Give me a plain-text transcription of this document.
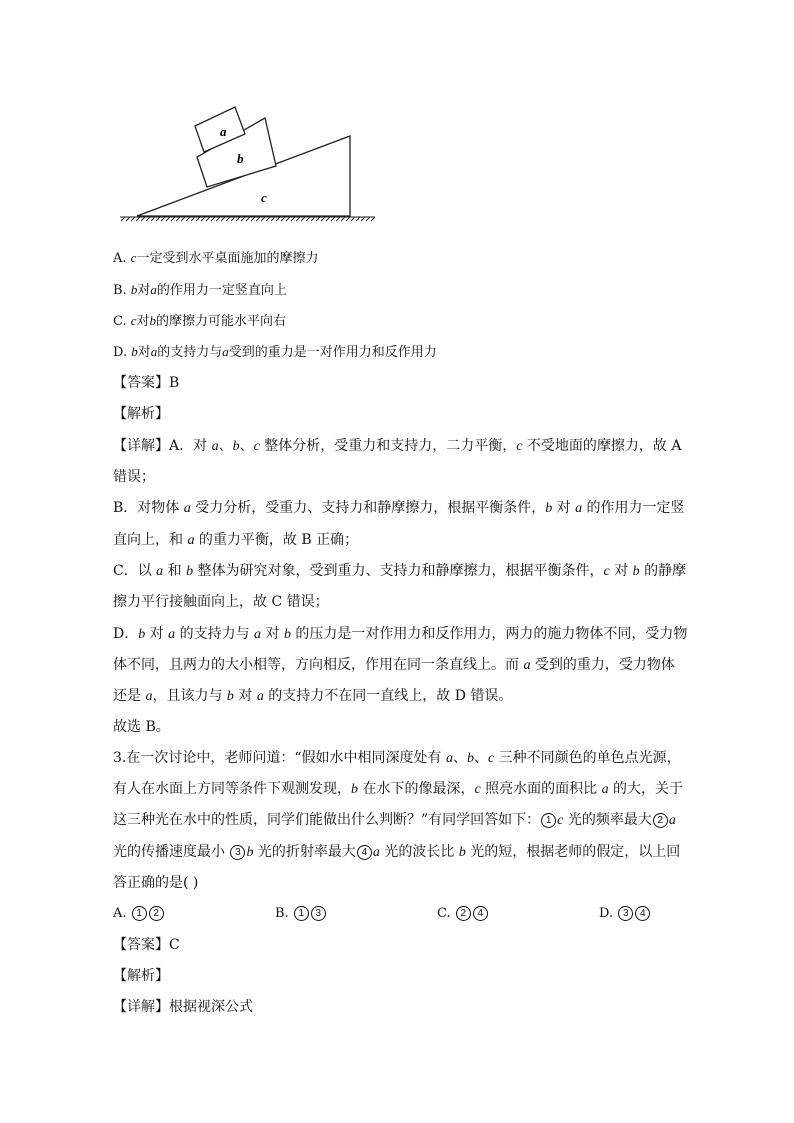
a
b
c
A. c一定受到水平桌面施加的摩擦力
B. b对a的作用力一定竖直向上
C. c对b的摩擦力可能水平向右
D. b对a的支持力与a受到的重力是一对作用力和反作用力
【答案】B
【解析】
【详解】A．对 a、b、c 整体分析，受重力和支持力，二力平衡，c 不受地面的摩擦力，故 A
错误；
B．对物体 a 受力分析，受重力、支持力和静摩擦力，根据平衡条件，b 对 a 的作用力一定竖
直向上，和 a 的重力平衡，故 B 正确；
C．以 a 和 b 整体为研究对象，受到重力、支持力和静摩擦力，根据平衡条件，c 对 b 的静摩
擦力平行接触面向上，故 C 错误；
D．b 对 a 的支持力与 a 对 b 的压力是一对作用力和反作用力，两力的施力物体不同，受力物
体不同，且两力的大小相等，方向相反，作用在同一条直线上。而 a 受到的重力，受力物体
还是 a，且该力与 b 对 a 的支持力不在同一直线上，故 D 错误。
故选 B。
3.在一次讨论中，老师问道：“假如水中相同深度处有 a、b、c 三种不同颜色的单色点光源，
有人在水面上方同等条件下观测发现，b 在水下的像最深，c 照亮水面的面积比 a 的大，关于
这三种光在水中的性质，同学们能做出什么判断？”有同学回答如下： 1 c 光的频率最大 2 a
光的传播速度最小 3 b 光的折射率最大 4 a 光的波长比 b 光的短，根据老师的假定，以上回
答正确的是( )
A. 1 2	B. 1 3	C. 2 4	D. 3 4
【答案】C
【解析】
【详解】根据视深公式
